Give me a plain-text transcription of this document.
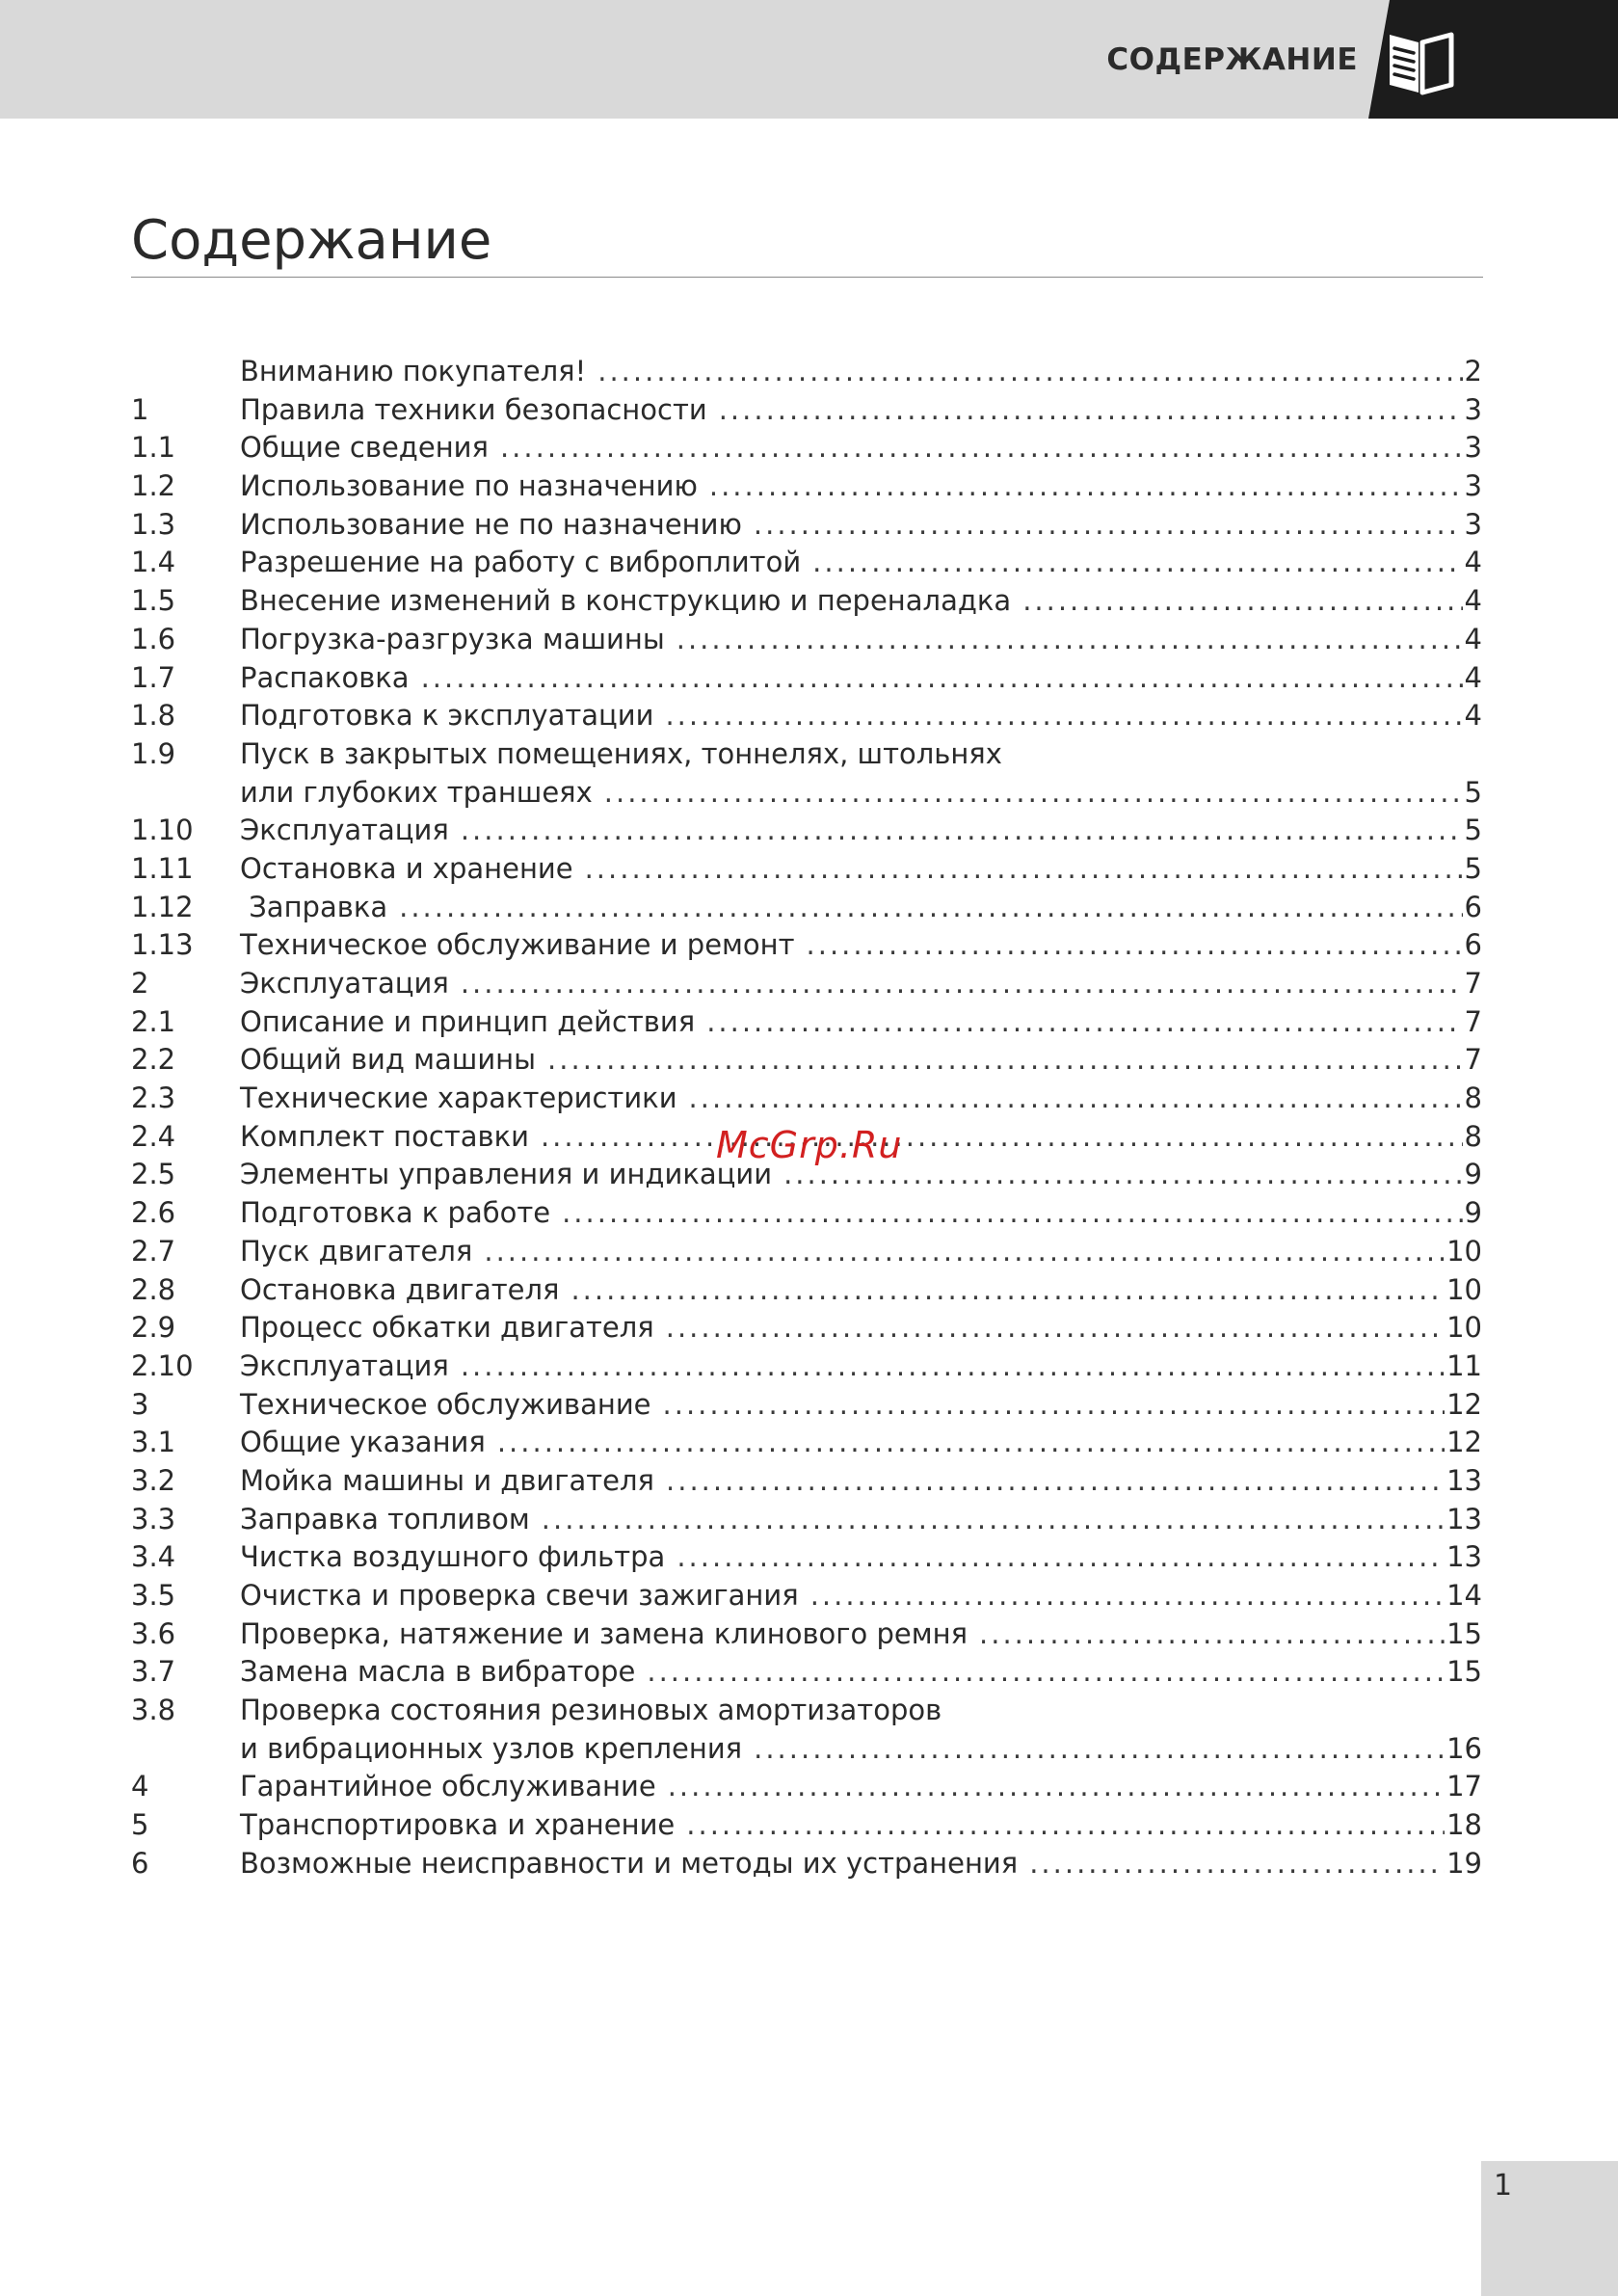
СОДЕРЖАНИЕ
Содержание
Вниманию покупателя! .....	2
1	Правила техники безопасности .....	3
1.1	Общие сведения .....	3
1.2	Использование по назначению .....	3
1.3	Использование не по назначению .....	3
1.4	Разрешение на работу с виброплитой .....	4
1.5	Внесение изменений в конструкцию и переналадка .....	4
1.6	Погрузка-разгрузка машины .....	4
1.7	Распаковка .....	4
1.8	Подготовка к эксплуатации .....	4
1.9	Пуск в закрытых помещениях, тоннелях, штольнях
или глубоких траншеях .....	5
1.10	Эксплуатация .....	5
1.11	Остановка и хранение .....	5
1.12	Заправка .....	6
1.13	Техническое обслуживание и ремонт .....	6
2	Эксплуатация .....	7
2.1	Описание и принцип действия .....	7
2.2	Общий вид машины .....	7
2.3	Технические характеристики .....	8
2.4	Комплект поставки .....	8
2.5	Элементы управления и индикации .....	9
2.6	Подготовка к работе .....	9
2.7	Пуск двигателя .....	10
2.8	Остановка двигателя .....	10
2.9	Процесс обкатки двигателя .....	10
2.10	Эксплуатация .....	11
3	Техническое обслуживание .....	12
3.1	Общие указания .....	12
3.2	Мойка машины и двигателя .....	13
3.3	Заправка топливом .....	13
3.4	Чистка воздушного фильтра .....	13
3.5	Очистка и проверка свечи зажигания .....	14
3.6	Проверка, натяжение и замена клинового ремня .....	15
3.7	Замена масла в вибраторе .....	15
3.8	Проверка состояния резиновых амортизаторов
и вибрационных узлов крепления .....	16
4	Гарантийное обслуживание .....	17
5	Транспортировка и хранение .....	18
6	Возможные неисправности и методы их устранения .....	19
McGrp.Ru
1
